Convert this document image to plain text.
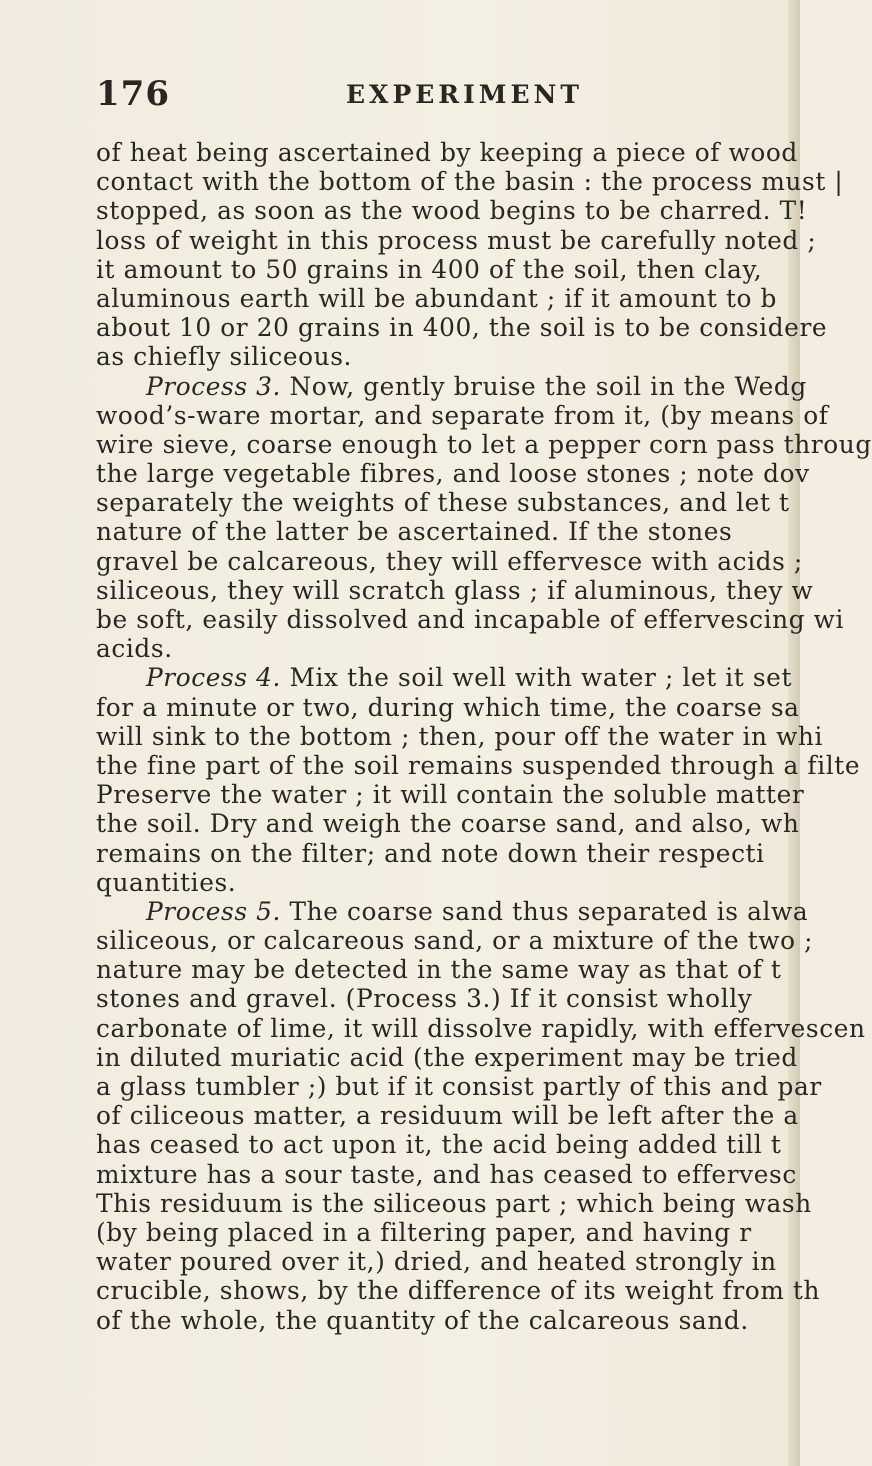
176	EXPERIMENT
of heat being ascertained by keeping a piece of wood
contact with the bottom of the basin : the process must |
stopped, as soon as the wood begins to be charred. T!
loss of weight in this process must be carefully noted ;
it amount to 50 grains in 400 of the soil, then clay,
aluminous earth will be abundant ; if it amount to b
about 10 or 20 grains in 400, the soil is to be considere
as chiefly siliceous.
Process 3. Now, gently bruise the soil in the Wedg
wood’s-ware mortar, and separate from it, (by means of
wire sieve, coarse enough to let a pepper corn pass throug
the large vegetable fibres, and loose stones ; note dov
separately the weights of these substances, and let t
nature of the latter be ascertained. If the stones
gravel be calcareous, they will effervesce with acids ;
siliceous, they will scratch glass ; if aluminous, they w
be soft, easily dissolved and incapable of effervescing wi
acids.
Process 4. Mix the soil well with water ; let it set
for a minute or two, during which time, the coarse sa
will sink to the bottom ; then, pour off the water in whi
the fine part of the soil remains suspended through a filte
Preserve the water ; it will contain the soluble matter
the soil. Dry and weigh the coarse sand, and also, wh
remains on the filter; and note down their respecti
quantities.
Process 5. The coarse sand thus separated is alwa
siliceous, or calcareous sand, or a mixture of the two ;
nature may be detected in the same way as that of t
stones and gravel. (Process 3.) If it consist wholly
carbonate of lime, it will dissolve rapidly, with effervescen
in diluted muriatic acid (the experiment may be tried
a glass tumbler ;) but if it consist partly of this and par
of ciliceous matter, a residuum will be left after the a
has ceased to act upon it, the acid being added till t
mixture has a sour taste, and has ceased to effervesc
This residuum is the siliceous part ; which being wash
(by being placed in a filtering paper, and having r
water poured over it,) dried, and heated strongly in
crucible, shows, by the difference of its weight from th
of the whole, the quantity of the calcareous sand.
